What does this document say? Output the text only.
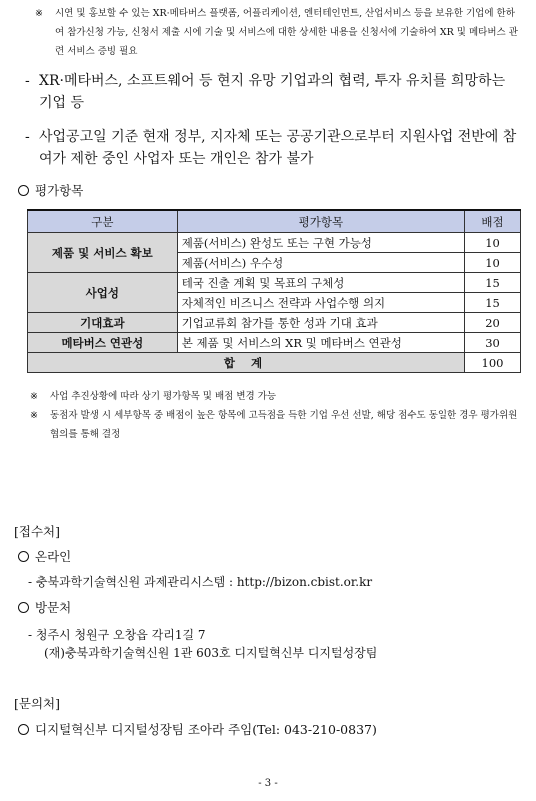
※	시연 및 홍보할 수 있는 XR·메타버스 플랫폼, 어플리케이션, 엔터테인먼트, 산업서비스 등을 보유한 기업에 한하여 참가신청 가능, 신청서 제출 시에 기술 및 서비스에 대한 상세한 내용을 신청서에 기술하여 XR 및 메타버스 관련 서비스 증빙 필요
- XR·메타버스, 소프트웨어 등 현지 유망 기업과의 협력, 투자 유치를 희망하는 기업 등
- 사업공고일 기준 현재 정부, 지자체 또는 공공기관으로부터 지원사업 전반에 참여가 제한 중인 사업자 또는 개인은 참가 불가
평가항목
구분	평가항목	배점
제품 및 서비스 확보	제품(서비스) 완성도 또는 구현 가능성	10
	제품(서비스) 우수성	10
사업성	테국 진출 계획 및 목표의 구체성	15
	자체적인 비즈니스 전략과 사업수행 의지	15
기대효과	기업교류회 참가를 통한 성과 기대 효과	20
메타버스 연관성	본 제품 및 서비스의 XR 및 메타버스 연관성	30
합 계		100
※	사업 추진상황에 따라 상기 평가항목 및 배점 변경 가능
※	동점자 발생 시 세부항목 중 배점이 높은 항목에 고득점을 득한 기업 우선 선발, 해당 점수도 동일한 경우 평가위원 협의를 통해 결정
[접수처]
온라인
- 충북과학기술혁신원 과제관리시스템 : http://bizon.cbist.or.kr
방문처
- 청주시 청원구 오창읍 각리1길 7
(재)충북과학기술혁신원 1관 603호 디지털혁신부 디지털성장팀
[문의처]
디지털혁신부 디지털성장팀 조아라 주임(Tel: 043-210-0837)
- 3 -
